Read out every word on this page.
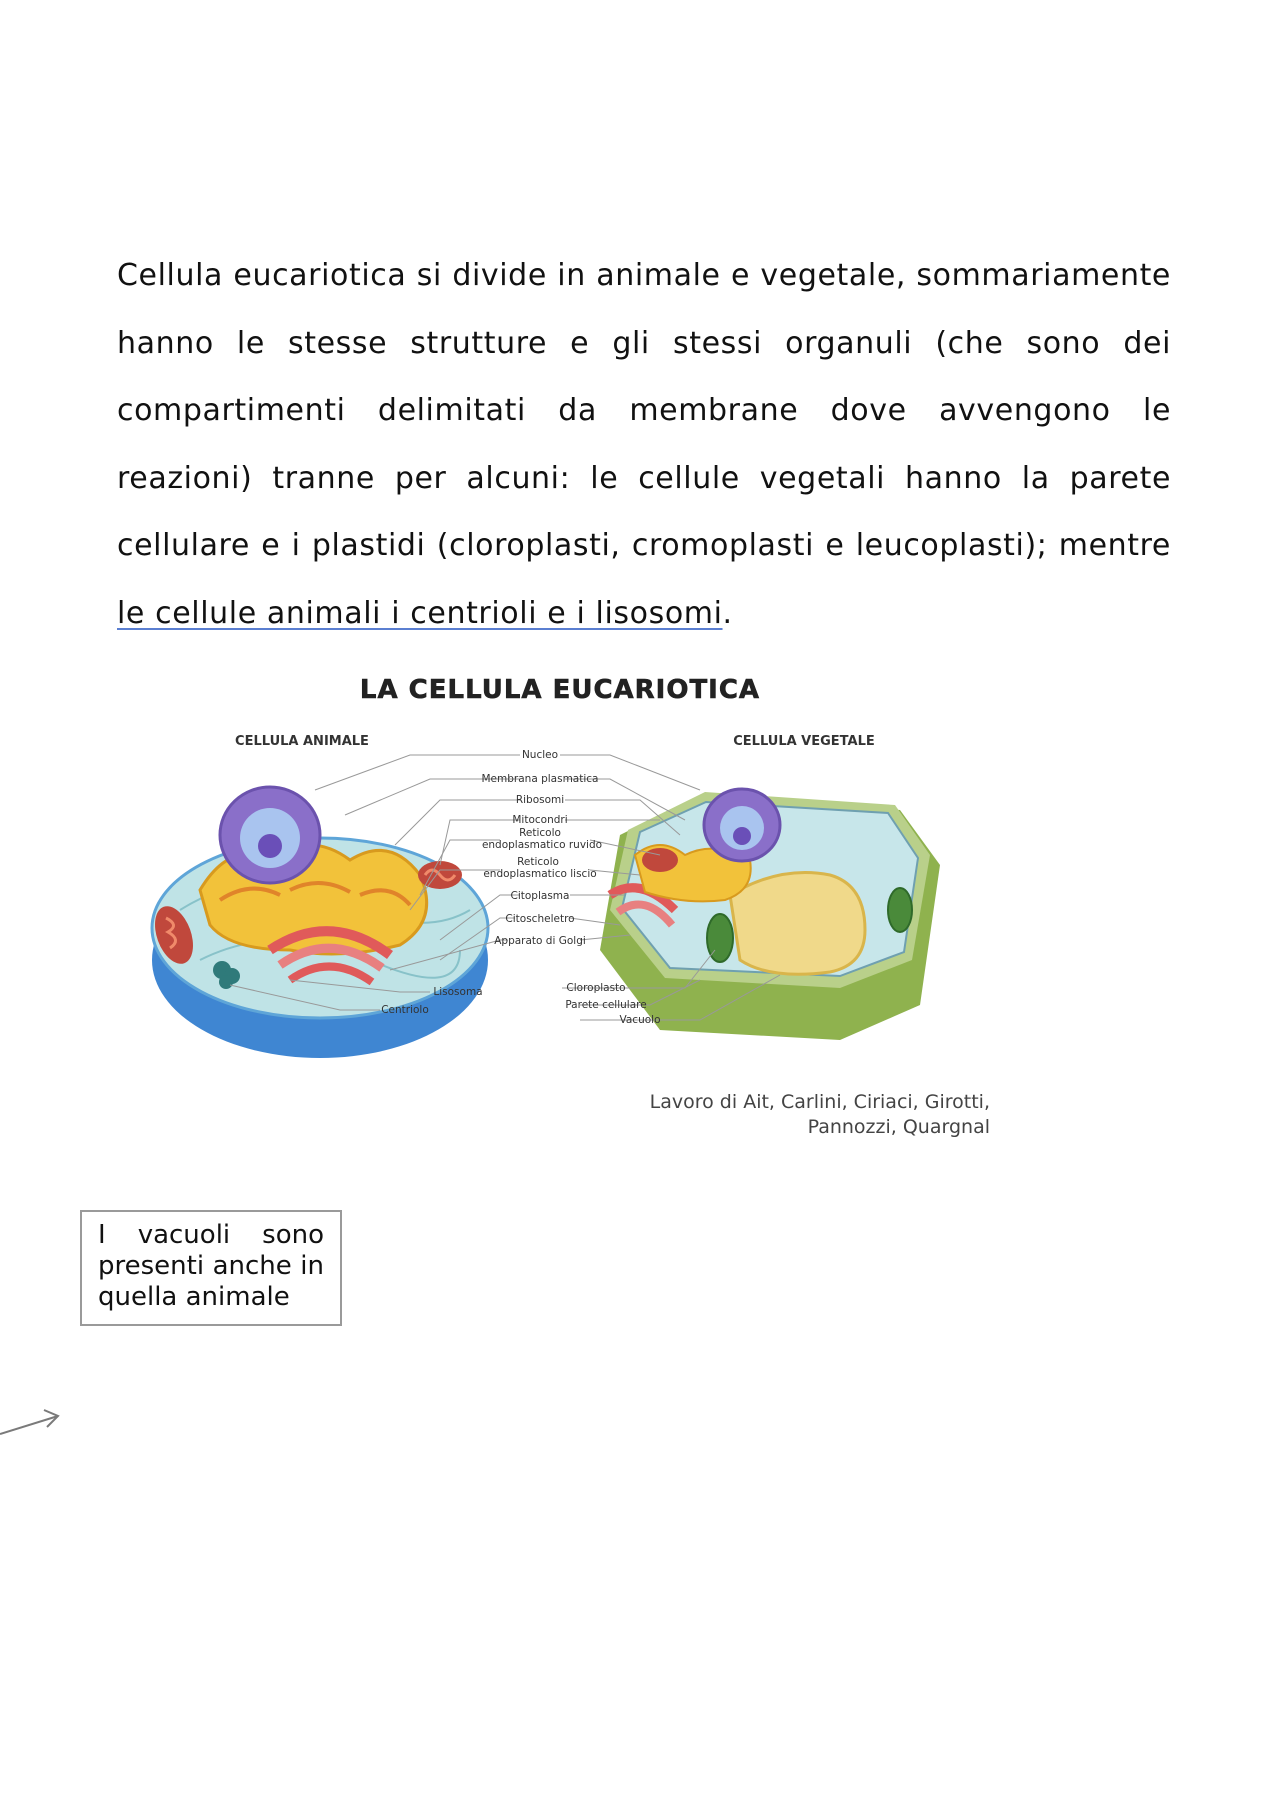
Cellula eucariotica si divide in animale e vegetale, sommariamente hanno le stesse strutture e gli stessi organuli (che sono dei compartimenti delimitati da membrane dove avvengono le reazioni) tranne per alcuni: le cellule vegetali hanno la parete cellulare e i plastidi (cloroplasti, cromoplasti e leucoplasti); mentre le cellule animali i centrioli e i lisosomi.

LA CELLULA EUCARIOTICA
CELLULA ANIMALE	CELLULA VEGETALE
Nucleo
Membrana plasmatica
Ribosomi
Mitocondri
Reticolo
endoplasmatico ruvido
Reticolo
endoplasmatico liscio
Citoplasma
Citoscheletro
Apparato di Golgi
Lisosoma
Centriolo
Cloroplasto
Parete cellulare
Vacuolo
Lavoro di Ait, Carlini, Ciriaci, Girotti,
Pannozzi, Quargnal
I vacuoli sono presenti anche in quella animale
